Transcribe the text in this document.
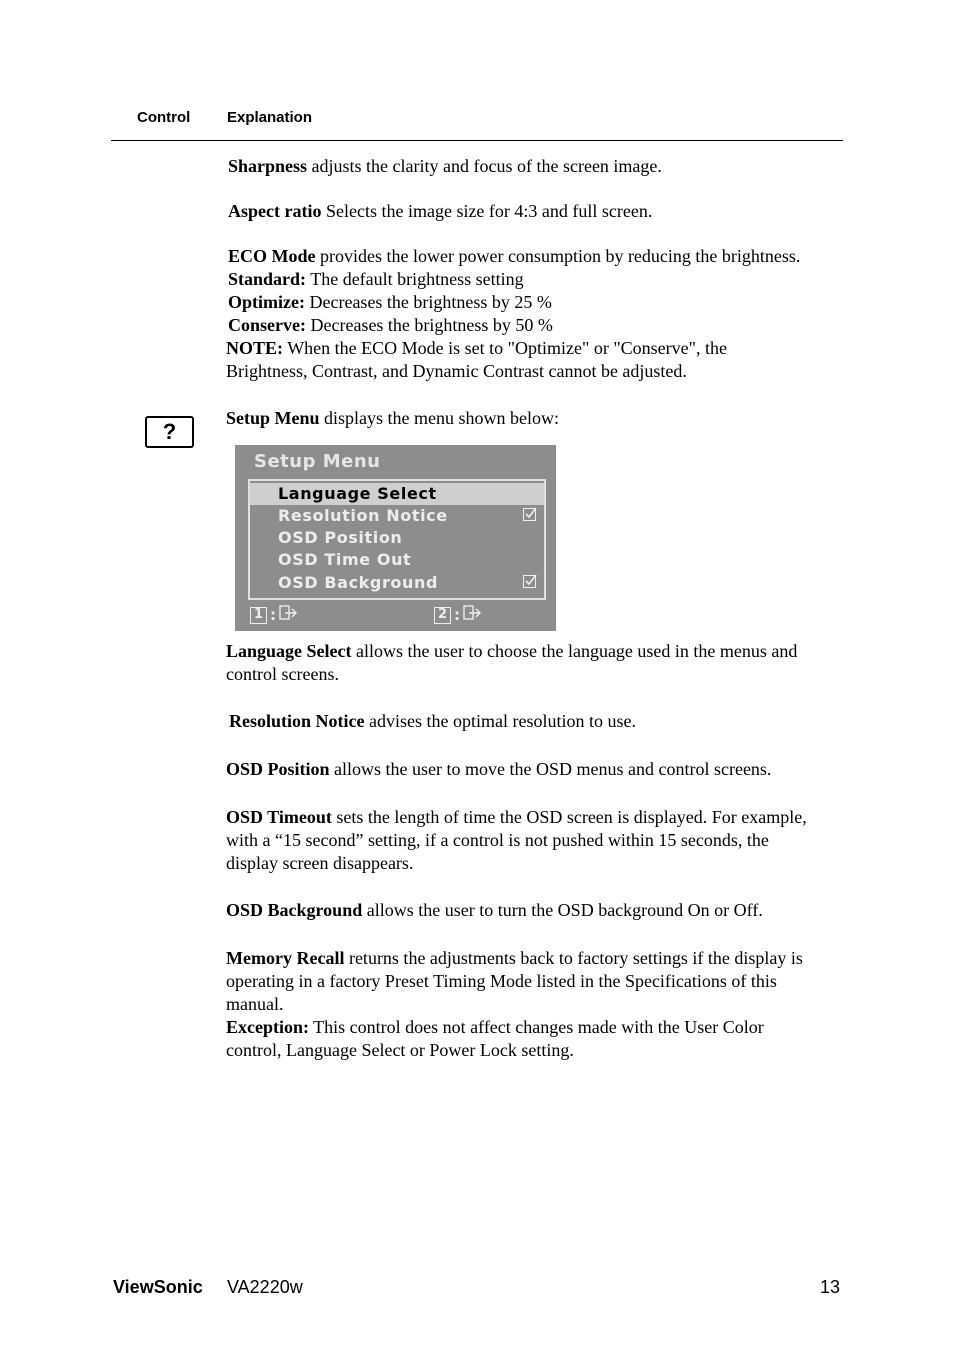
Control Explanation

Sharpness adjusts the clarity and focus of the screen image.

Aspect ratio Selects the image size for 4:3 and full screen.

ECO Mode provides the lower power consumption by reducing the brightness.
Standard: The default brightness setting
Optimize: Decreases the brightness by 25 %
Conserve: Decreases the brightness by 50 %

NOTE: When the ECO Mode is set to "Optimize" or "Conserve", the
Brightness, Contrast, and Dynamic Contrast cannot be adjusted.

?

Setup Menu displays the menu shown below:

Setup Menu
Language Select
Resolution Notice
OSD Position
OSD Time Out
OSD Background
1 :	2 :

Language Select allows the user to choose the language used in the menus and
control screens.

Resolution Notice advises the optimal resolution to use.

OSD Position allows the user to move the OSD menus and control screens.

OSD Timeout sets the length of time the OSD screen is displayed. For example,
with a “15 second” setting, if a control is not pushed within 15 seconds, the
display screen disappears.

OSD Background allows the user to turn the OSD background On or Off.

Memory Recall returns the adjustments back to factory settings if the display is
operating in a factory Preset Timing Mode listed in the Specifications of this
manual.
Exception: This control does not affect changes made with the User Color
control, Language Select or Power Lock setting.

ViewSonic VA2220w	13
